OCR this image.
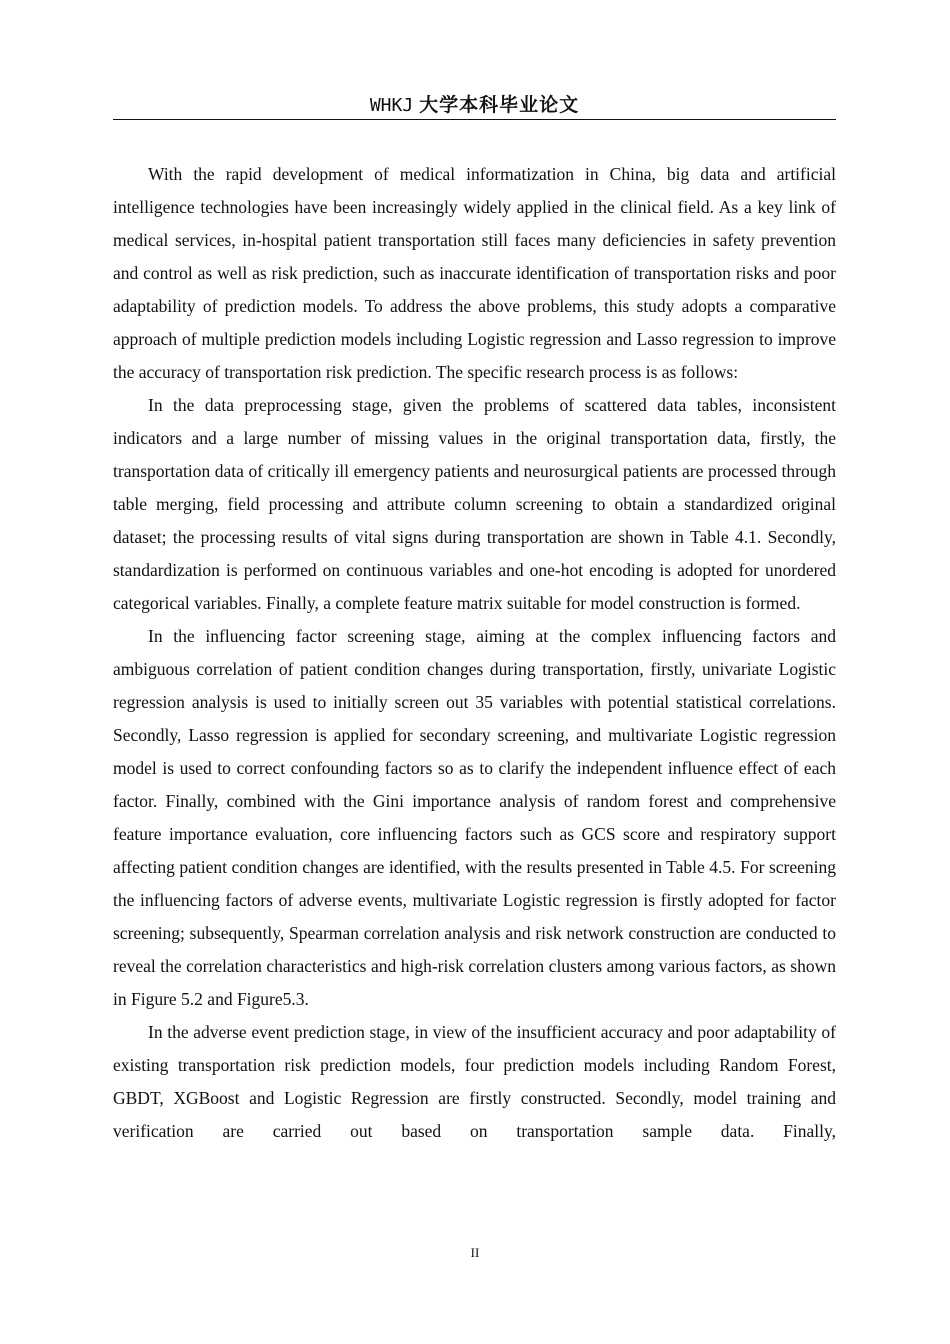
WHKJ 大学本科毕业论文

With the rapid development of medical informatization in China, big data and artificial intelligence technologies have been increasingly widely applied in the clinical field. As a key link of medical services, in-hospital patient transportation still faces many deficiencies in safety prevention and control as well as risk prediction, such as inaccurate identification of transportation risks and poor adaptability of prediction models. To address the above problems, this study adopts a comparative approach of multiple prediction models including Logistic regression and Lasso regression to improve the accuracy of transportation risk prediction. The specific research process is as follows:

In the data preprocessing stage, given the problems of scattered data tables, inconsistent indicators and a large number of missing values in the original transportation data, firstly, the transportation data of critically ill emergency patients and neurosurgical patients are processed through table merging, field processing and attribute column screening to obtain a standardized original dataset; the processing results of vital signs during transportation are shown in Table 4.1. Secondly, standardization is performed on continuous variables and one-hot encoding is adopted for unordered categorical variables. Finally, a complete feature matrix suitable for model construction is formed.

In the influencing factor screening stage, aiming at the complex influencing factors and ambiguous correlation of patient condition changes during transportation, firstly, univariate Logistic regression analysis is used to initially screen out 35 variables with potential statistical correlations. Secondly, Lasso regression is applied for secondary screening, and multivariate Logistic regression model is used to correct confounding factors so as to clarify the independent influence effect of each factor. Finally, combined with the Gini importance analysis of random forest and comprehensive feature importance evaluation, core influencing factors such as GCS score and respiratory support affecting patient condition changes are identified, with the results presented in Table 4.5. For screening the influencing factors of adverse events, multivariate Logistic regression is firstly adopted for factor screening; subsequently, Spearman correlation analysis and risk network construction are conducted to reveal the correlation characteristics and high-risk correlation clusters among various factors, as shown in Figure 5.2 and Figure5.3.

In the adverse event prediction stage, in view of the insufficient accuracy and poor adaptability of existing transportation risk prediction models, four prediction models including Random Forest, GBDT, XGBoost and Logistic Regression are firstly constructed. Secondly, model training and verification are carried out based on transportation sample data. Finally,

II
